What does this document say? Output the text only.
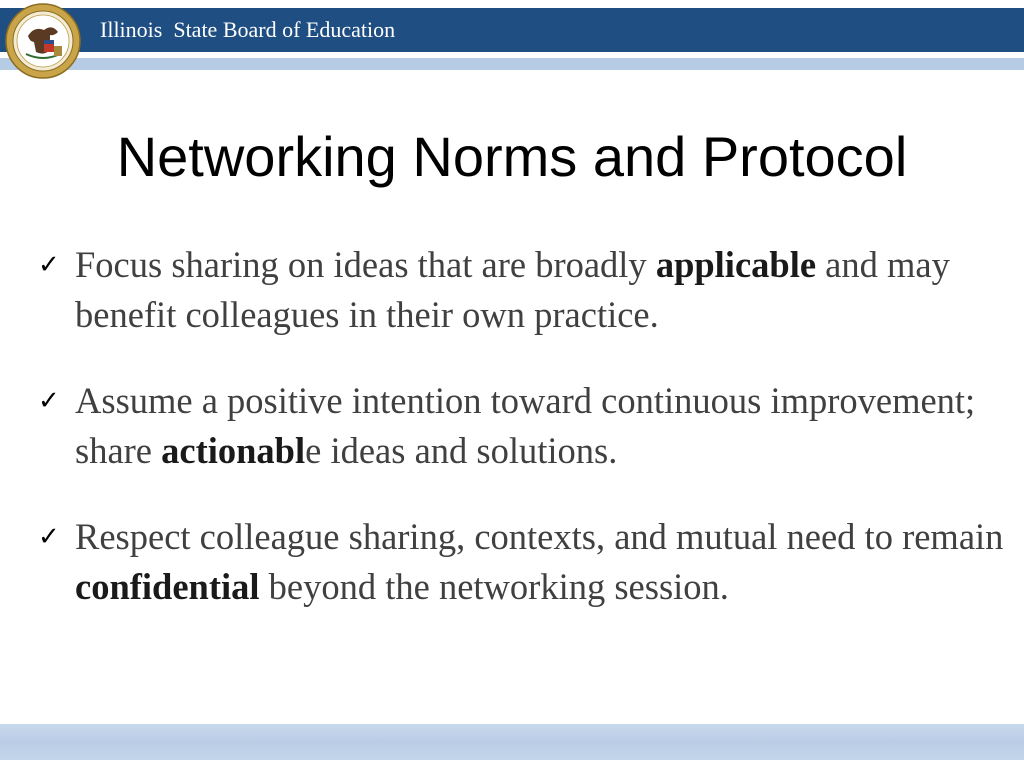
Illinois  State Board of Education
Networking Norms and Protocol
✓ Focus sharing on ideas that are broadly applicable and may benefit colleagues in their own practice.
✓ Assume a positive intention toward continuous improvement; share actionable ideas and solutions.
✓ Respect colleague sharing, contexts, and mutual need to remain confidential beyond the networking session.
